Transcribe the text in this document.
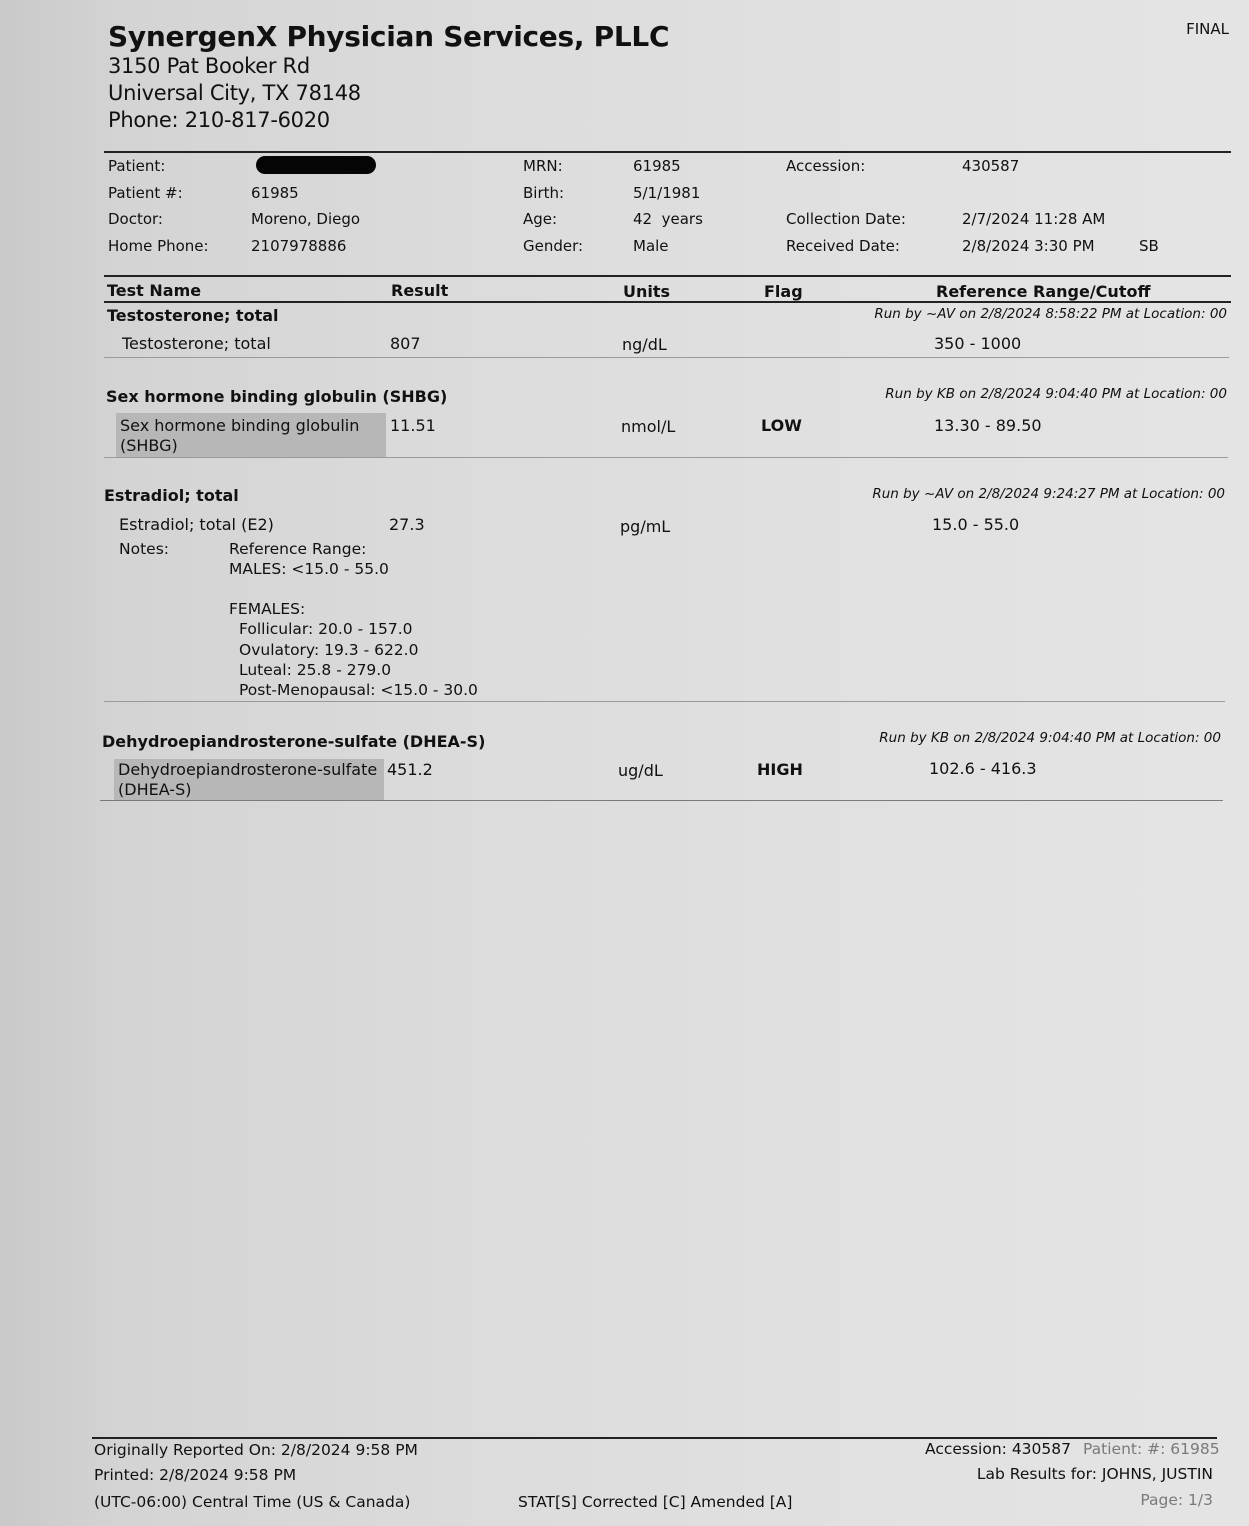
SynergenX Physician Services, PLLC
3150 Pat Booker Rd
Universal City, TX 78148
Phone: 210-817-6020
FINAL
Patient:
Patient #:	61985
Doctor:	Moreno, Diego
Home Phone:	2107978886
MRN:	61985
Birth:	5/1/1981
Age:	42  years
Gender:	Male
Accession:	430587
Collection Date:	2/7/2024 11:28 AM
Received Date:	2/8/2024 3:30 PM	SB
Test Name	Result	Units	Flag	Reference Range/Cutoff
Testosterone; total	Run by ~AV on 2/8/2024 8:58:22 PM at Location: 00
Testosterone; total	807	ng/dL	350 - 1000
Sex hormone binding globulin (SHBG)	Run by KB on 2/8/2024 9:04:40 PM at Location: 00
Sex hormone binding globulin
(SHBG)
11.51	nmol/L	LOW	13.30 - 89.50
Estradiol; total	Run by ~AV on 2/8/2024 9:24:27 PM at Location: 00
Estradiol; total (E2)	27.3	pg/mL	15.0 - 55.0
Notes:	Reference Range:
MALES: <15.0 - 55.0
FEMALES:
Follicular: 20.0 - 157.0
Ovulatory: 19.3 - 622.0
Luteal: 25.8 - 279.0
Post-Menopausal: <15.0 - 30.0
Dehydroepiandrosterone-sulfate (DHEA-S)	Run by KB on 2/8/2024 9:04:40 PM at Location: 00
Dehydroepiandrosterone-sulfate
(DHEA-S)
451.2	ug/dL	HIGH	102.6 - 416.3
Originally Reported On: 2/8/2024 9:58 PM
Printed: 2/8/2024 9:58 PM
(UTC-06:00) Central Time (US & Canada)	STAT[S] Corrected [C] Amended [A]
Accession: 430587 Patient: #: 61985
Lab Results for: JOHNS, JUSTIN
Page: 1/3
